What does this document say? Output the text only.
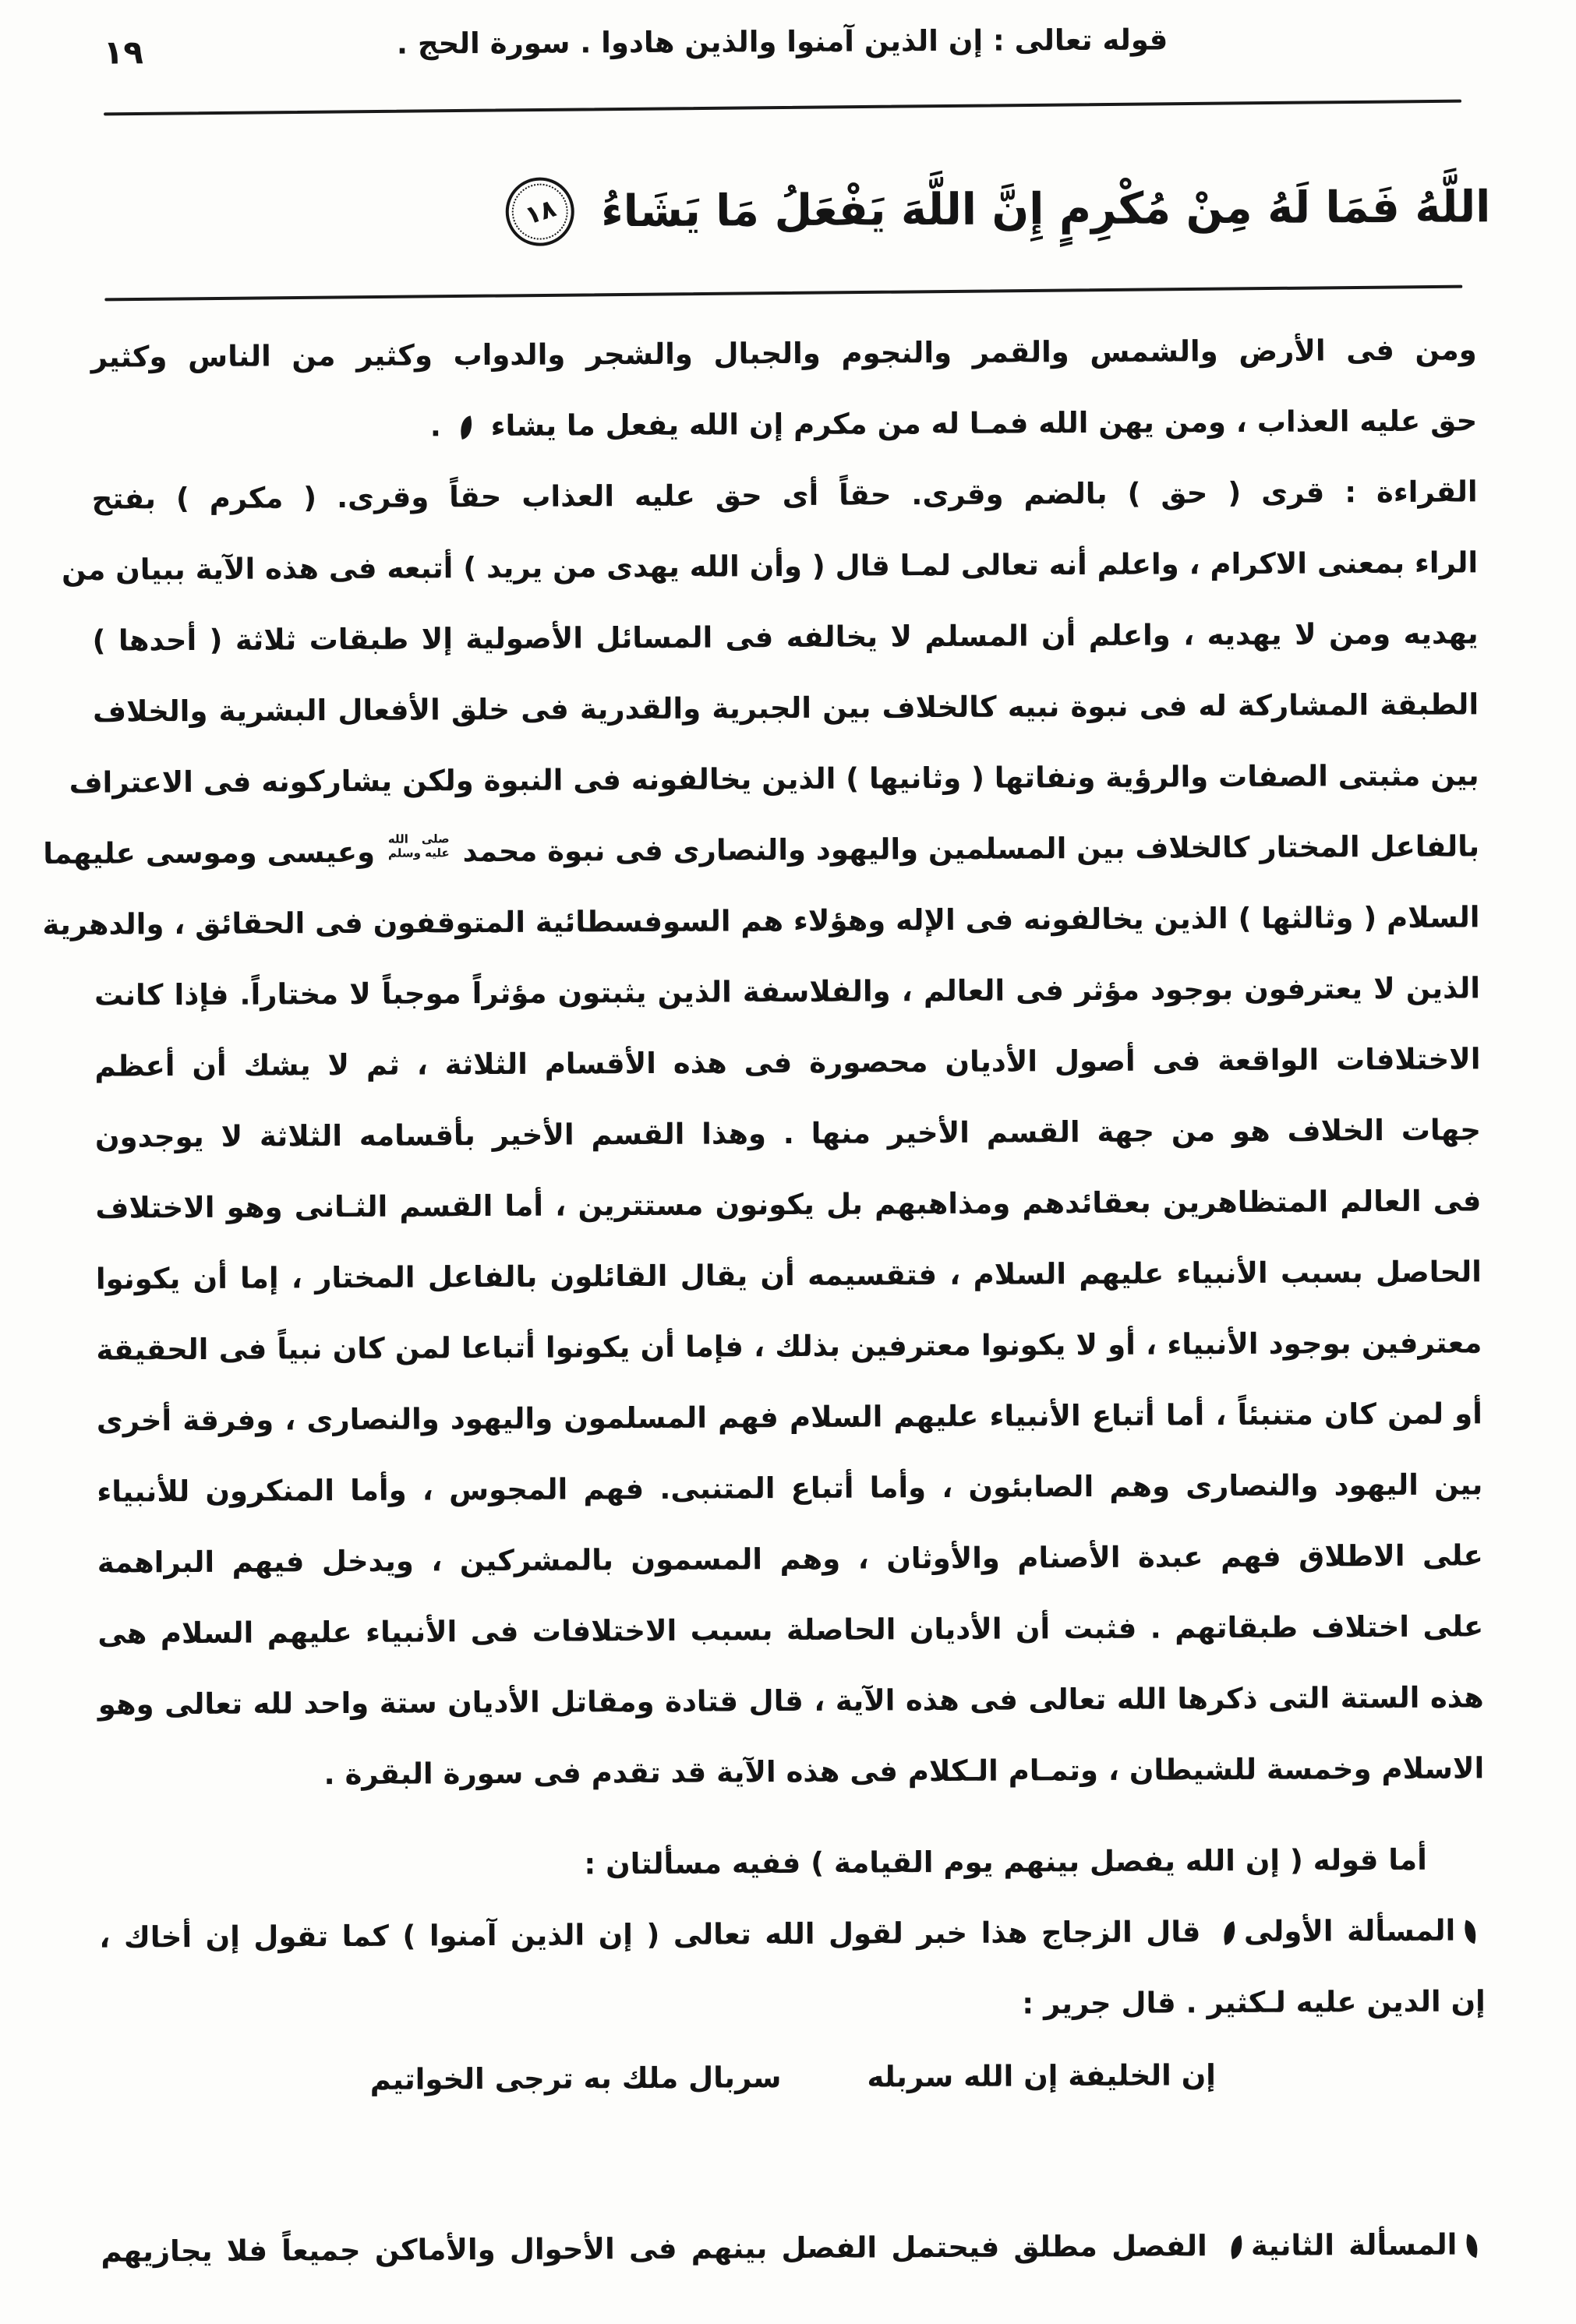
قوله تعالى : إن الذين آمنوا والذين هادوا . سورة الحج .
١٩
اللَّهُ فَمَا لَهُ مِنْ مُكْرِمٍ إِنَّ اللَّهَ يَفْعَلُ مَا يَشَاءُ
١٨
ومن فى الأرض والشمس والقمر والنجوم والجبال والشجر والدواب وكثير من الناس وكثير
حق عليه العذاب ، ومن يهن الله فمـا له من مكرم إن الله يفعل ما يشاء  .
القراءة : قرى ( حق ) بالضم وقرى. حقاً أى حق عليه العذاب حقاً وقرى. ( مكرم ) بفتح
الراء بمعنى الاكرام ، واعلم أنه تعالى لمـا قال ( وأن الله يهدى من يريد ) أتبعه فى هذه الآية ببيان من
يهديه ومن لا يهديه ، واعلم أن المسلم لا يخالفه فى المسائل الأصولية إلا طبقات ثلاثة ( أحدها )
الطبقة المشاركة له فى نبوة نبيه كالخلاف بين الجبرية والقدرية فى خلق الأفعال البشرية والخلاف
بين مثبتى الصفات والرؤية ونفاتها ( وثانيها ) الذين يخالفونه فى النبوة ولكن يشاركونه فى الاعتراف
بالفاعل المختار كالخلاف بين المسلمين واليهود والنصارى فى نبوة محمد
صلى الله
عليه وسلم
وعيسى وموسى عليهما
السلام ( وثالثها ) الذين يخالفونه فى الإله وهؤلاء هم السوفسطائية المتوقفون فى الحقائق ، والدهرية
الذين لا يعترفون بوجود مؤثر فى العالم ، والفلاسفة الذين يثبتون مؤثراً موجباً لا مختاراً. فإذا كانت
الاختلافات الواقعة فى أصول الأديان محصورة فى هذه الأقسام الثلاثة ، ثم لا يشك أن أعظم
جهات الخلاف هو من جهة القسم الأخير منها . وهذا القسم الأخير بأقسامه الثلاثة لا يوجدون
فى العالم المتظاهرين بعقائدهم ومذاهبهم بل يكونون مستترين ، أما القسم الثـانى وهو الاختلاف
الحاصل بسبب الأنبياء عليهم السلام ، فتقسيمه أن يقال القائلون بالفاعل المختار ، إما أن يكونوا
معترفين بوجود الأنبياء ، أو لا يكونوا معترفين بذلك ، فإما أن يكونوا أتباعا لمن كان نبياً فى الحقيقة
أو لمن كان متنبئاً ، أما أتباع الأنبياء عليهم السلام فهم المسلمون واليهود والنصارى ، وفرقة أخرى
بين اليهود والنصارى وهم الصابئون ، وأما أتباع المتنبى. فهم المجوس ، وأما المنكرون للأنبياء
على الاطلاق فهم عبدة الأصنام والأوثان ، وهم المسمون بالمشركين ، ويدخل فيهم البراهمة
على اختلاف طبقاتهم . فثبت أن الأديان الحاصلة بسبب الاختلافات فى الأنبياء عليهم السلام هى
هذه الستة التى ذكرها الله تعالى فى هذه الآية ، قال قتادة ومقاتل الأديان ستة واحد لله تعالى وهو
الاسلام وخمسة للشيطان ، وتمـام الـكلام فى هذه الآية قد تقدم فى سورة البقرة .
أما قوله ( إن الله يفصل بينهم يوم القيامة ) ففيه مسألتان :
المسألة الأولى قال الزجاج هذا خبر لقول الله تعالى ( إن الذين آمنوا ) كما تقول إن أخاك ،
إن الدين عليه لـكثير . قال جرير :
إن الخليفة إن الله سربله
سربال ملك به ترجى الخواتيم
المسألة الثانية الفصل مطلق فيحتمل الفصل بينهم فى الأحوال والأماكن جميعاً فلا يجازيهم
